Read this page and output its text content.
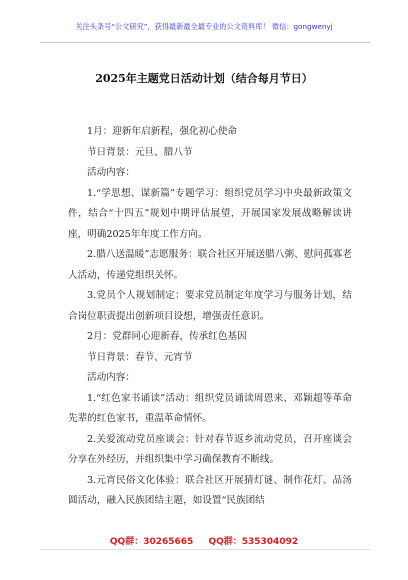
关注头条号“公文研究”，获得最新最全最专业的公文资料库！ 微信：gongwenyj
2025年主题党日活动计划（结合每月节日）

1月：迎新年启新程，强化初心使命

节日背景：元旦、腊八节

活动内容：

1.“学思想、谋新篇”专题学习：组织党员学习中央最新政策文件，结合“十四五”规划中期评估展望，开展国家发展战略解读讲座，明确2025年年度工作方向。

2.腊八送温暖”志愿服务：联合社区开展送腊八粥、慰问孤寡老人活动，传递党组织关怀。

3.党员个人规划制定：要求党员制定年度学习与服务计划，结合岗位职责提出创新项目设想，增强责任意识。

2月：党群同心迎新春，传承红色基因

节日背景：春节、元宵节

活动内容：

1.“红色家书诵读”活动：组织党员诵读周恩来、邓颖超等革命先辈的红色家书，重温革命情怀。

2.关爱流动党员座谈会：针对春节返乡流动党员，召开座谈会分享在外经历，并组织集中学习确保教育不断线。

3.元宵民俗文化体验：联合社区开展猜灯谜、制作花灯、品汤圆活动，融入民族团结主题，如设置“民族团结

QQ群：30265665 QQ群：535304092
